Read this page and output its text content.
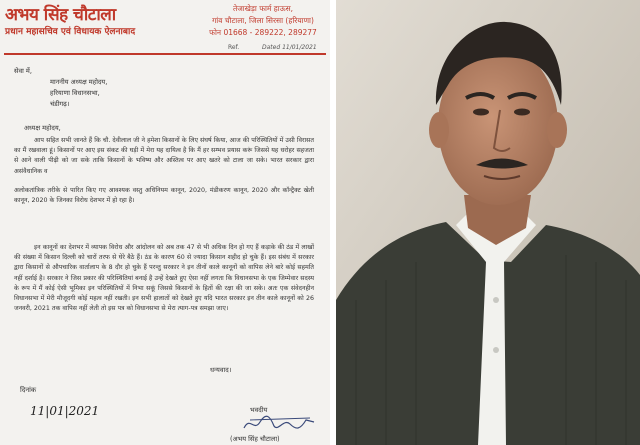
अभय सिंह चौटाला
प्रधान महासचिव एवं विधायक ऐलनाबाद
तेजाखेड़ा फार्म हाऊस,
गांव चौटाला, जिला सिरसा (हरियाणा)
फोन 01668 - 289222, 289277
Ref.	Dated 11/01/2021
सेवा में,

माननीय अध्यक्ष महोदय,
हरियाणा विधानसभा,
चंडीगढ़।
अध्यक्ष महोदय,
आप सहित सभी जानते हैं कि चौ. देवीलाल जी ने हमेशा किसानों के लिए संघर्ष किया, आज की परिस्थितियों में उसी विरासत का मैं रखवाला हूं। किसानों पर आए इस संकट की घड़ी में मेरा यह दायित्व है कि मैं हर सम्भव प्रयास करूं जिससे यह धरोहर सहजता से आने वाली पीढ़ी को जा सके ताकि किसानों के भविष्य और अस्तित्व पर आए खतरे को टाला जा सके। भारत सरकार द्वारा असंवैधानिक व
अलोकतांत्रिक तरीके से पारित किए गए आवश्यक वस्तु अधिनियम कानून, 2020, मंडीकरण कानून, 2020 और कॉन्ट्रैक्ट खेती कानून, 2020 के जिनका विरोध देशभर में हो रहा है।
इन कानूनों का देशभर में व्यापक विरोध और आंदोलन को अब तक 47 से भी अधिक दिन हो गए हैं कड़ाके की ठंड में लाखों की संख्या में किसान दिल्ली को चारों तरफ से घेरे बैठे हैं। ठंड के कारण 60 से ज्यादा किसान शहीद हो चुके हैं। इस संबंध में सरकार द्वारा किसानों से औपचारिक वार्तालाप के 8 दौर हो चुके हैं परन्तु सरकार ने इन तीनों काले कानूनों को वापिस लेने बारे कोई सहमति नहीं दर्शाई है। सरकार ने जिस प्रकार की परिस्थितियां बनाई है उन्हें देखते हुए ऐसा नहीं लगता कि विधानसभा के एक जिम्मेवार सदस्य के रूप में मैं कोई ऐसी भूमिका इन परिस्थितियों में निभा सकूं जिससे किसानों के हितों की रक्षा की जा सके। अतः एक संवेदनहीन विधानसभा में मेरी मौजूदगी कोई महत्व नहीं रखती। इन सभी हालातों को देखते हुए यदि भारत सरकार इन तीन काले कानूनों को 26 जनवरी, 2021 तक वापिस नहीं लेती तो इस पत्र को विधानसभा से मेरा त्याग-पत्र समझा जाए।
धन्यवाद।
दिनांक
11|01|2021	भवदीय
(अभय सिंह चौटाला)
